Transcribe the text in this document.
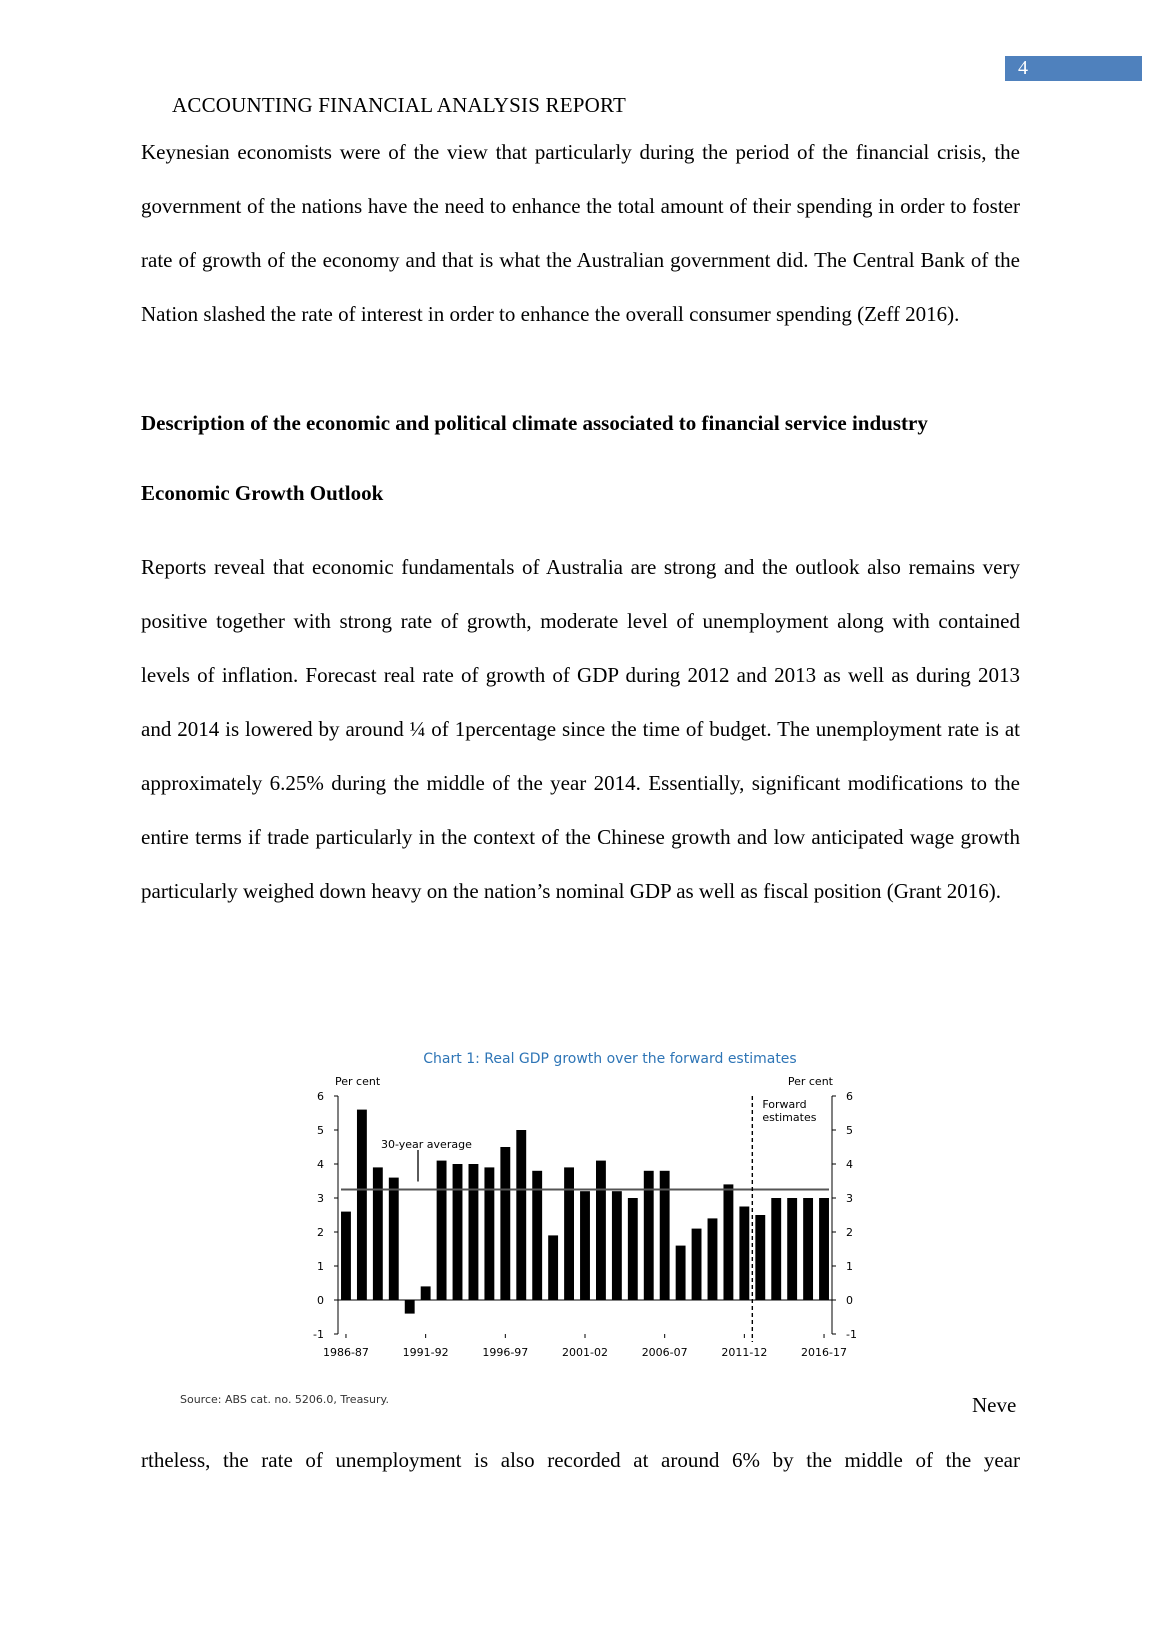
4
ACCOUNTING FINANCIAL ANALYSIS REPORT

Keynesian economists were of the view that particularly during the period of the financial crisis, the government of the nations have the need to enhance the total amount of their spending in order to foster rate of growth of the economy and that is what the Australian government did. The Central Bank of the Nation slashed the rate of interest in order to enhance the overall consumer spending (Zeff 2016).

Description of the economic and political climate associated to financial service industry

Economic Growth Outlook

Reports reveal that economic fundamentals of Australia are strong and the outlook also remains very positive together with strong rate of growth, moderate level of unemployment along with contained levels of inflation. Forecast real rate of growth of GDP during 2012 and 2013 as well as during 2013 and 2014 is lowered by around ¼ of 1percentage since the time of budget. The unemployment rate is at approximately 6.25% during the middle of the year 2014. Essentially, significant modifications to the entire terms if trade particularly in the context of the Chinese growth and low anticipated wage growth particularly weighed down heavy on the nation’s nominal GDP as well as fiscal position (Grant 2016).

Chart 1: Real GDP growth over the forward estimates
Per cent	Per cent
-1	-1
0	0
1	1
2	2
3	3
4	4
5	5
6	6
1986-87	1991-92	1996-97	2001-02	2006-07	2011-12	2016-17
30-year average
Forward
estimates
Source: ABS cat. no. 5206.0, Treasury.	Neve
rtheless, the rate of unemployment is also recorded at around 6% by the middle of the year
